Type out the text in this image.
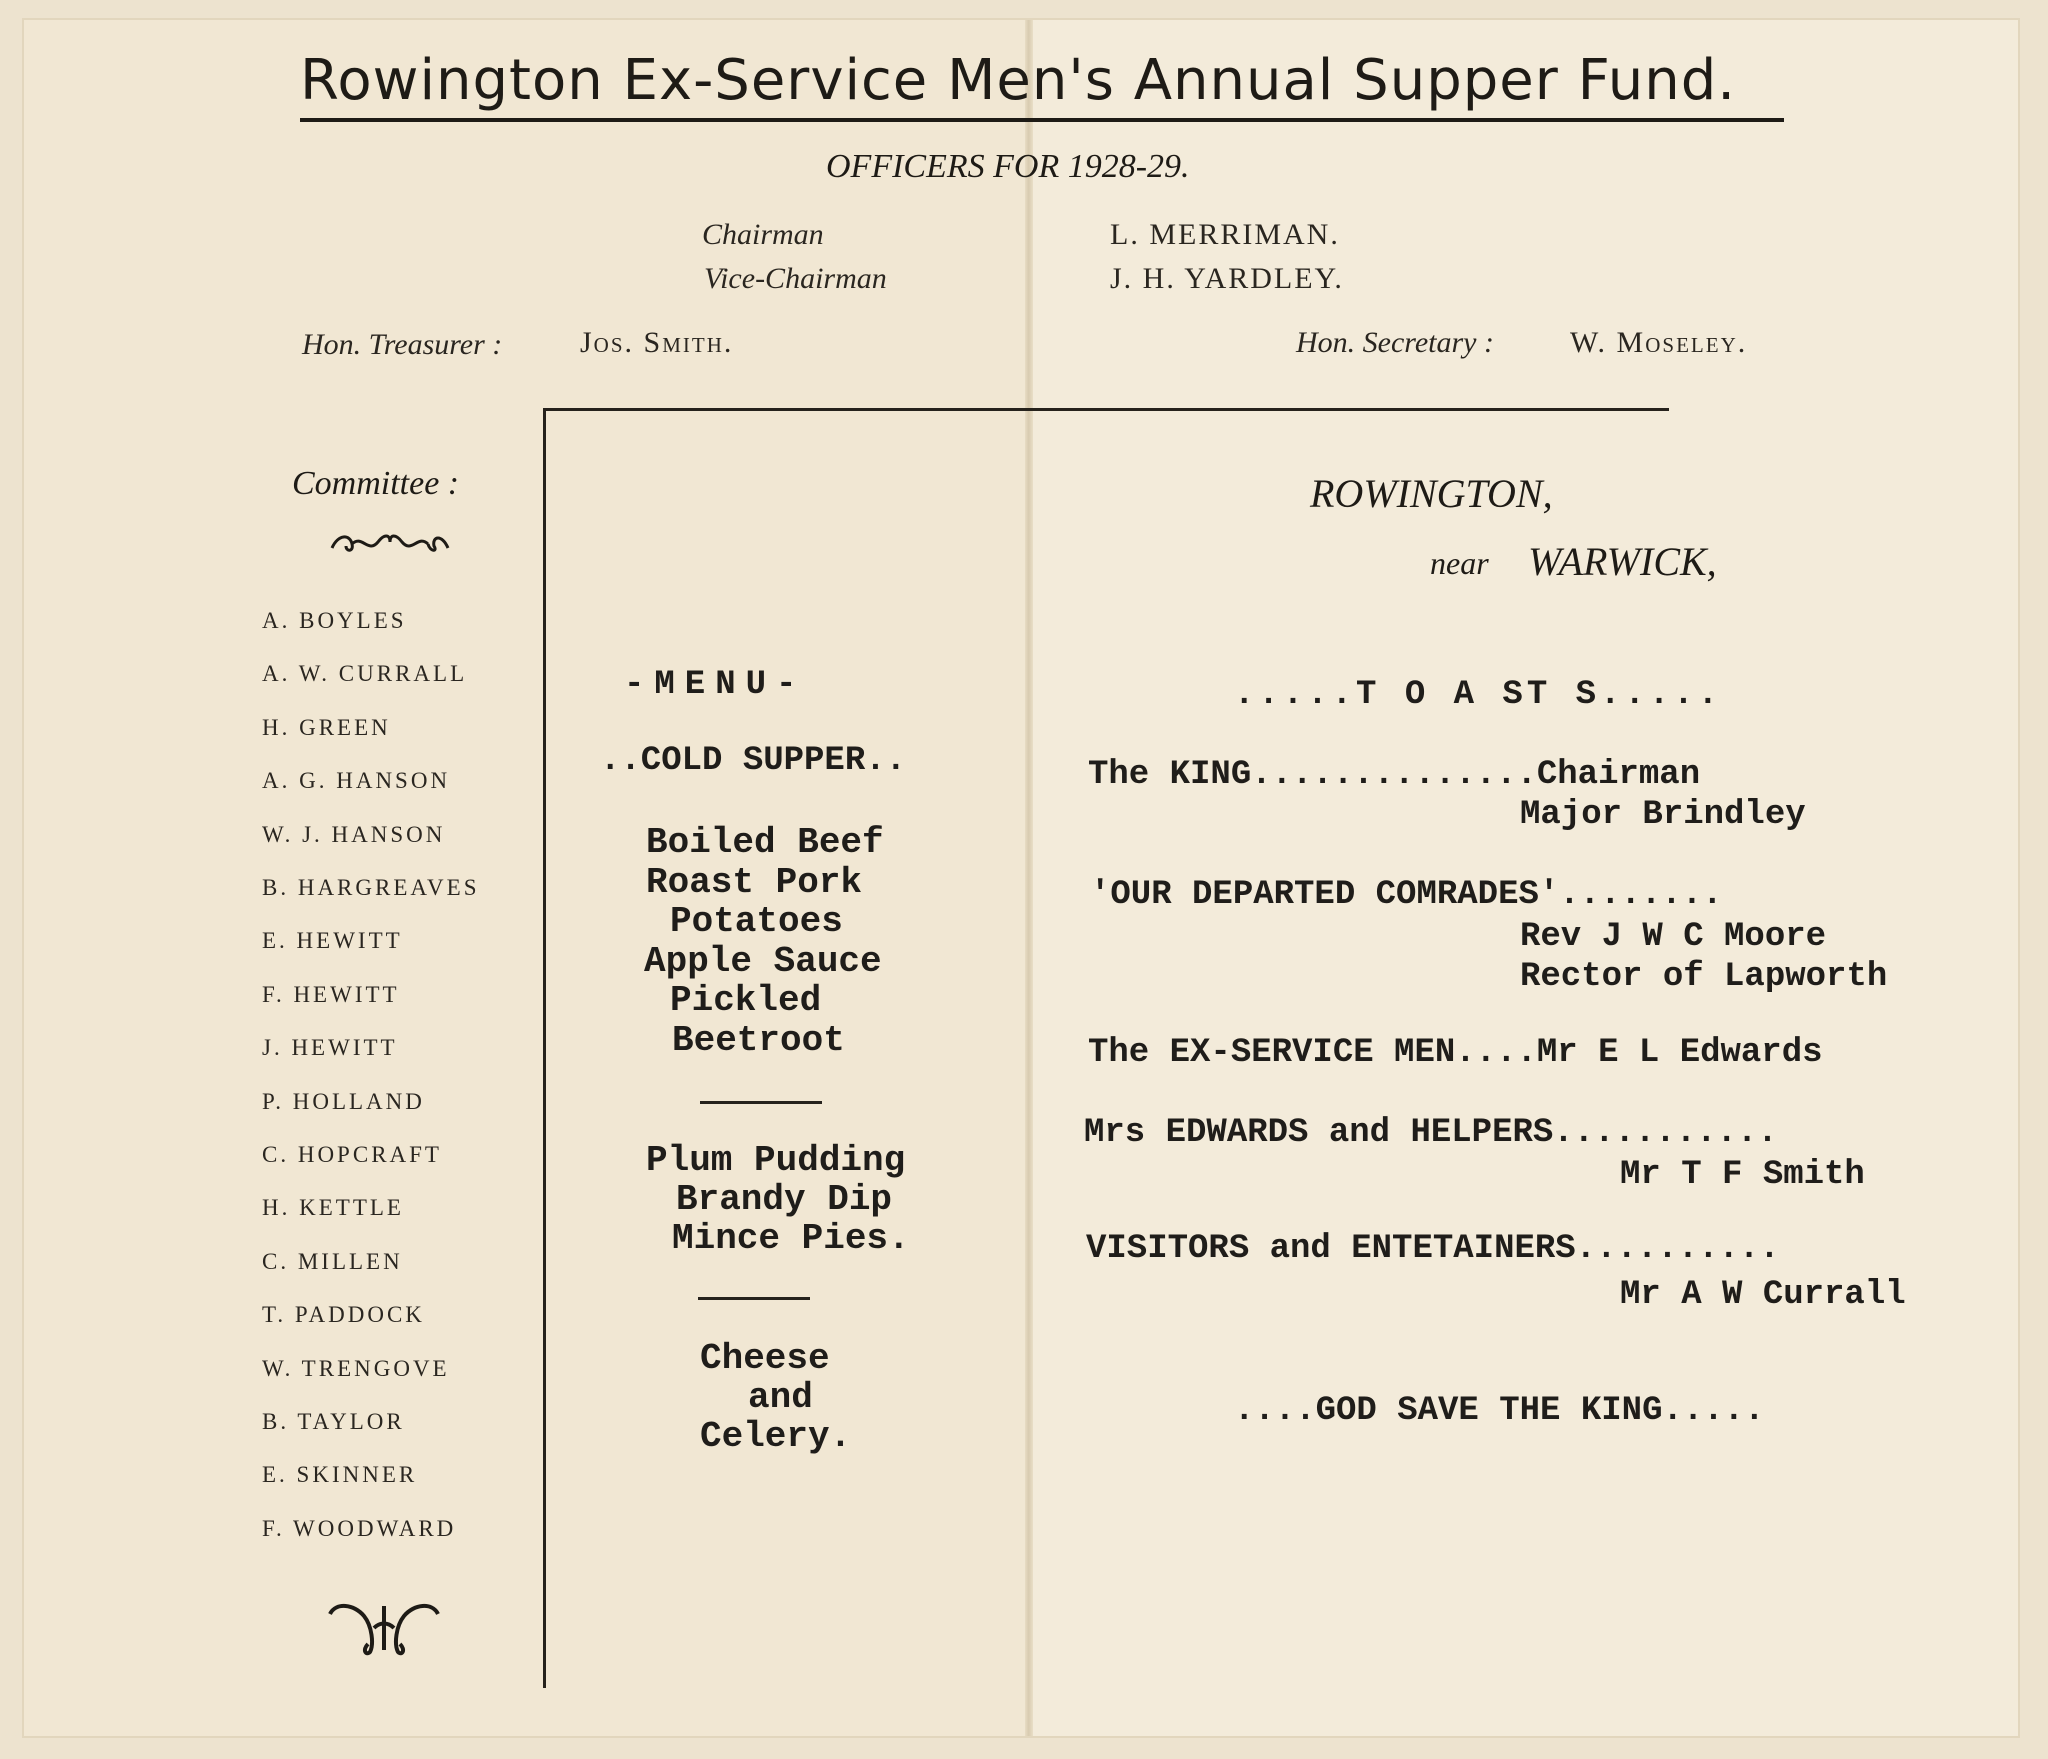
Rowington Ex-Service Men's Annual Supper Fund.
OFFICERS FOR 1928-29.
Chairman	L. MERRIMAN.
Vice-Chairman	J. H. YARDLEY.
Hon. Treasurer :	Jos. Smith.	Hon. Secretary :	W. Moseley.
Committee :
A. BOYLES
A. W. CURRALL
H. GREEN
A. G. HANSON
W. J. HANSON
B. HARGREAVES
E. HEWITT
F. HEWITT
J. HEWITT
P. HOLLAND
C. HOPCRAFT
H. KETTLE
C. MILLEN
T. PADDOCK
W. TRENGOVE
B. TAYLOR
E. SKINNER
F. WOODWARD
-MENU-
..COLD SUPPER..
Boiled Beef
Roast Pork
Potatoes
Apple Sauce
Pickled
Beetroot
Plum Pudding
Brandy Dip
Mince Pies.
Cheese
and
Celery.
ROWINGTON,
near WARWICK,
.....T O A ST S.....
The KING..............Chairman
Major Brindley
'OUR DEPARTED COMRADES'........
Rev J W C Moore
Rector of Lapworth
The EX-SERVICE MEN....Mr E L Edwards
Mrs EDWARDS and HELPERS...........
Mr T F Smith
VISITORS and ENTETAINERS..........
Mr A W Currall
....GOD SAVE THE KING.....
